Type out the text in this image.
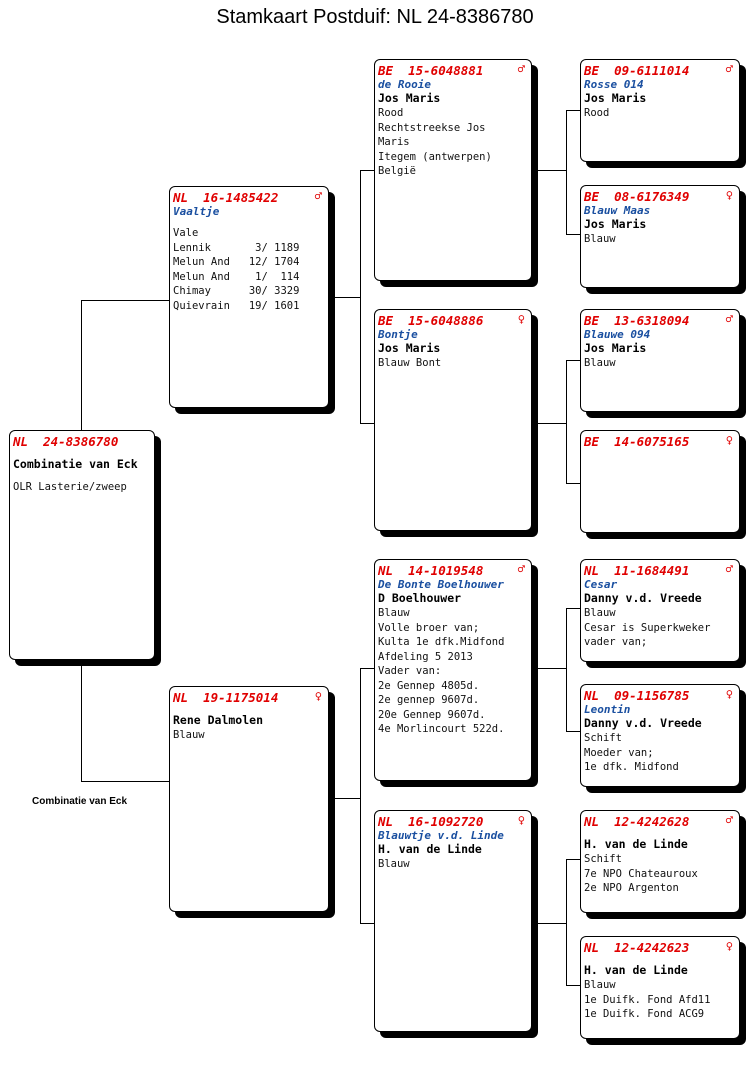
Stamkaart Postduif: NL 24-8386780
NL  24-8386780
Combinatie van Eck
OLR Lasterie/zweep
NL  16-1485422	♂
Vaaltje
Vale
Lennik       3/ 1189
Melun And   12/ 1704
Melun And    1/  114
Chimay      30/ 3329
Quievrain   19/ 1601
NL  19-1175014	♀
Rene Dalmolen
Blauw
BE  15-6048881	♂
de Rooie
Jos Maris
Rood
Rechtstreekse Jos
Maris
Itegem (antwerpen)
België
BE  15-6048886	♀
Bontje
Jos Maris
Blauw Bont
NL  14-1019548	♂
De Bonte Boelhouwer
D Boelhouwer
Blauw
Volle broer van;
Kulta 1e dfk.Midfond
Afdeling 5 2013
Vader van:
2e Gennep 4805d.
2e gennep 9607d.
20e Gennep 9607d.
4e Morlincourt 522d.
NL  16-1092720	♀
Blauwtje v.d. Linde
H. van de Linde
Blauw
BE  09-6111014	♂
Rosse 014
Jos Maris
Rood
BE  08-6176349	♀
Blauw Maas
Jos Maris
Blauw
BE  13-6318094	♂
Blauwe 094
Jos Maris
Blauw
BE  14-6075165	♀
NL  11-1684491	♂
Cesar
Danny v.d. Vreede
Blauw
Cesar is Superkweker
vader van;
NL  09-1156785	♀
Leontin
Danny v.d. Vreede
Schift
Moeder van;
1e dfk. Midfond
NL  12-4242628	♂
H. van de Linde
Schift
7e NPO Chateauroux
2e NPO Argenton
NL  12-4242623	♀
H. van de Linde
Blauw
1e Duifk. Fond Afd11
1e Duifk. Fond ACG9
Combinatie van Eck
